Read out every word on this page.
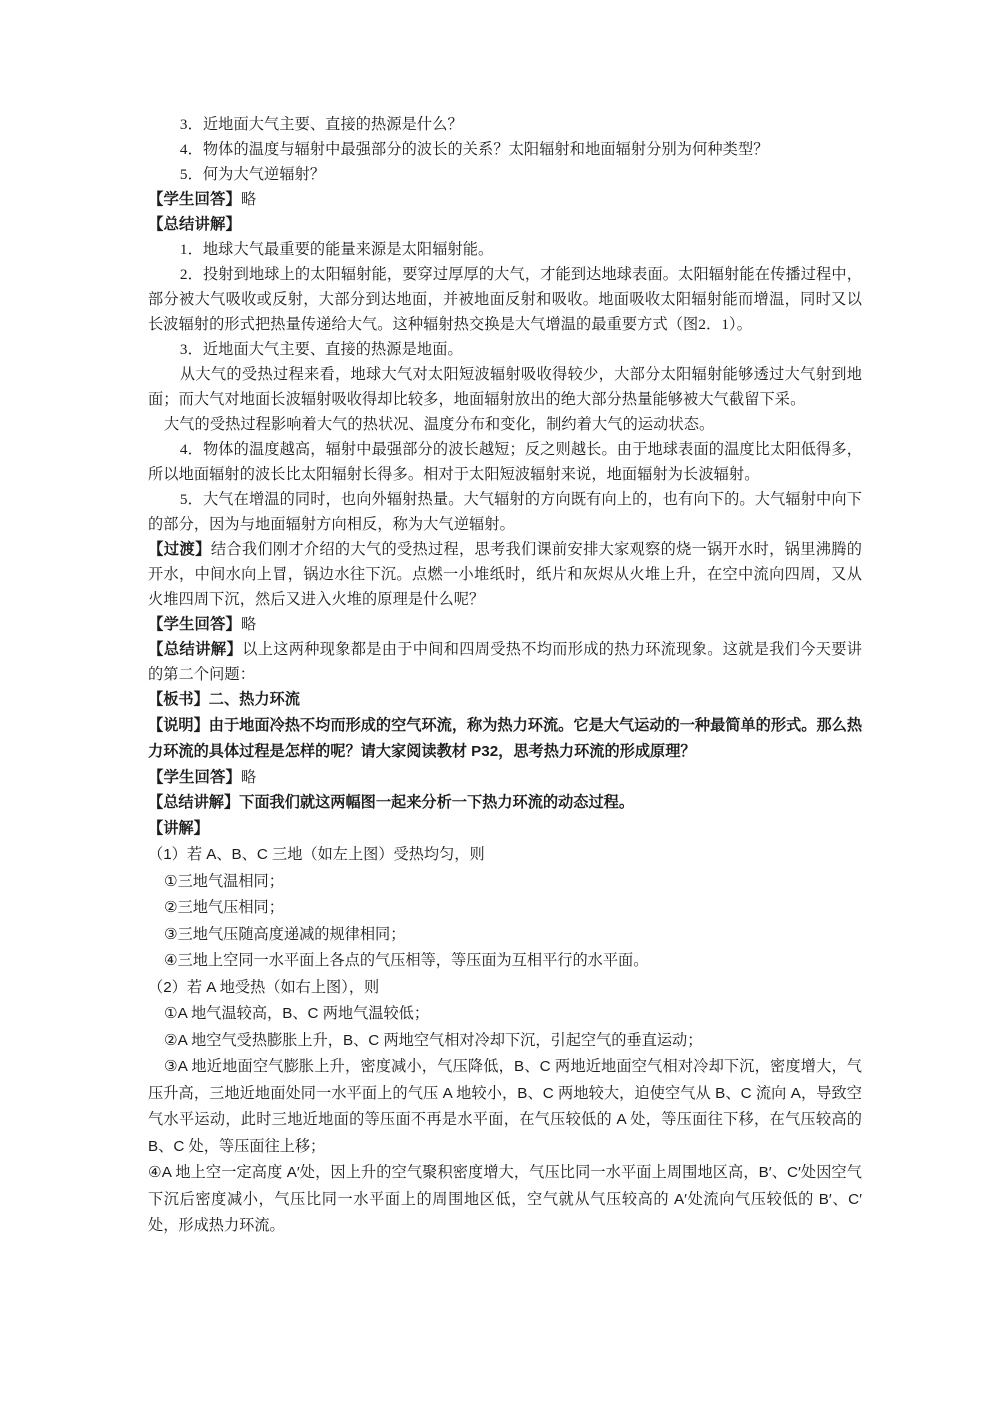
3．近地面大气主要、直接的热源是什么？
4．物体的温度与辐射中最强部分的波长的关系？太阳辐射和地面辐射分别为何种类型？
5．何为大气逆辐射？
【学生回答】略
【总结讲解】
1．地球大气最重要的能量来源是太阳辐射能。
2．投射到地球上的太阳辐射能，要穿过厚厚的大气，才能到达地球表面。太阳辐射能在传播过程中，部分被大气吸收或反射，大部分到达地面，并被地面反射和吸收。地面吸收太阳辐射能而增温，同时又以长波辐射的形式把热量传递给大气。这种辐射热交换是大气增温的最重要方式（图2．1）。
3．近地面大气主要、直接的热源是地面。
从大气的受热过程来看，地球大气对太阳短波辐射吸收得较少，大部分太阳辐射能够透过大气射到地面；而大气对地面长波辐射吸收得却比较多，地面辐射放出的绝大部分热量能够被大气截留下采。
大气的受热过程影响着大气的热状况、温度分布和变化，制约着大气的运动状态。
4．物体的温度越高，辐射中最强部分的波长越短；反之则越长。由于地球表面的温度比太阳低得多，所以地面辐射的波长比太阳辐射长得多。相对于太阳短波辐射来说，地面辐射为长波辐射。
5．大气在增温的同时，也向外辐射热量。大气辐射的方向既有向上的，也有向下的。大气辐射中向下的部分，因为与地面辐射方向相反，称为大气逆辐射。
【过渡】结合我们刚才介绍的大气的受热过程，思考我们课前安排大家观察的烧一锅开水时，锅里沸腾的开水，中间水向上冒，锅边水往下沉。点燃一小堆纸时，纸片和灰烬从火堆上升，在空中流向四周，又从火堆四周下沉，然后又进入火堆的原理是什么呢？
【学生回答】略
【总结讲解】以上这两种现象都是由于中间和四周受热不均而形成的热力环流现象。这就是我们今天要讲的第二个问题：
【板书】二、热力环流
【说明】由于地面冷热不均而形成的空气环流，称为热力环流。它是大气运动的一种最简单的形式。那么热力环流的具体过程是怎样的呢？请大家阅读教材 P32，思考热力环流的形成原理？
【学生回答】略
【总结讲解】下面我们就这两幅图一起来分析一下热力环流的动态过程。
【讲解】
（1）若 A、B、C 三地（如左上图）受热均匀，则
①三地气温相同；
②三地气压相同；
③三地气压随高度递减的规律相同；
④三地上空同一水平面上各点的气压相等，等压面为互相平行的水平面。
（2）若 A 地受热（如右上图），则
①A 地气温较高，B、C 两地气温较低；
②A 地空气受热膨胀上升，B、C 两地空气相对冷却下沉，引起空气的垂直运动；
③A 地近地面空气膨胀上升，密度减小，气压降低，B、C 两地近地面空气相对冷却下沉，密度增大，气压升高，三地近地面处同一水平面上的气压 A 地较小，B、C 两地较大，迫使空气从 B、C 流向 A，导致空气水平运动，此时三地近地面的等压面不再是水平面，在气压较低的 A 处，等压面往下移，在气压较高的 B、C 处，等压面往上移；
④A 地上空一定高度 A′处，因上升的空气聚积密度增大，气压比同一水平面上周围地区高，B′、C′处因空气下沉后密度减小，气压比同一水平面上的周围地区低，空气就从气压较高的 A′处流向气压较低的 B′、C′处，形成热力环流。
